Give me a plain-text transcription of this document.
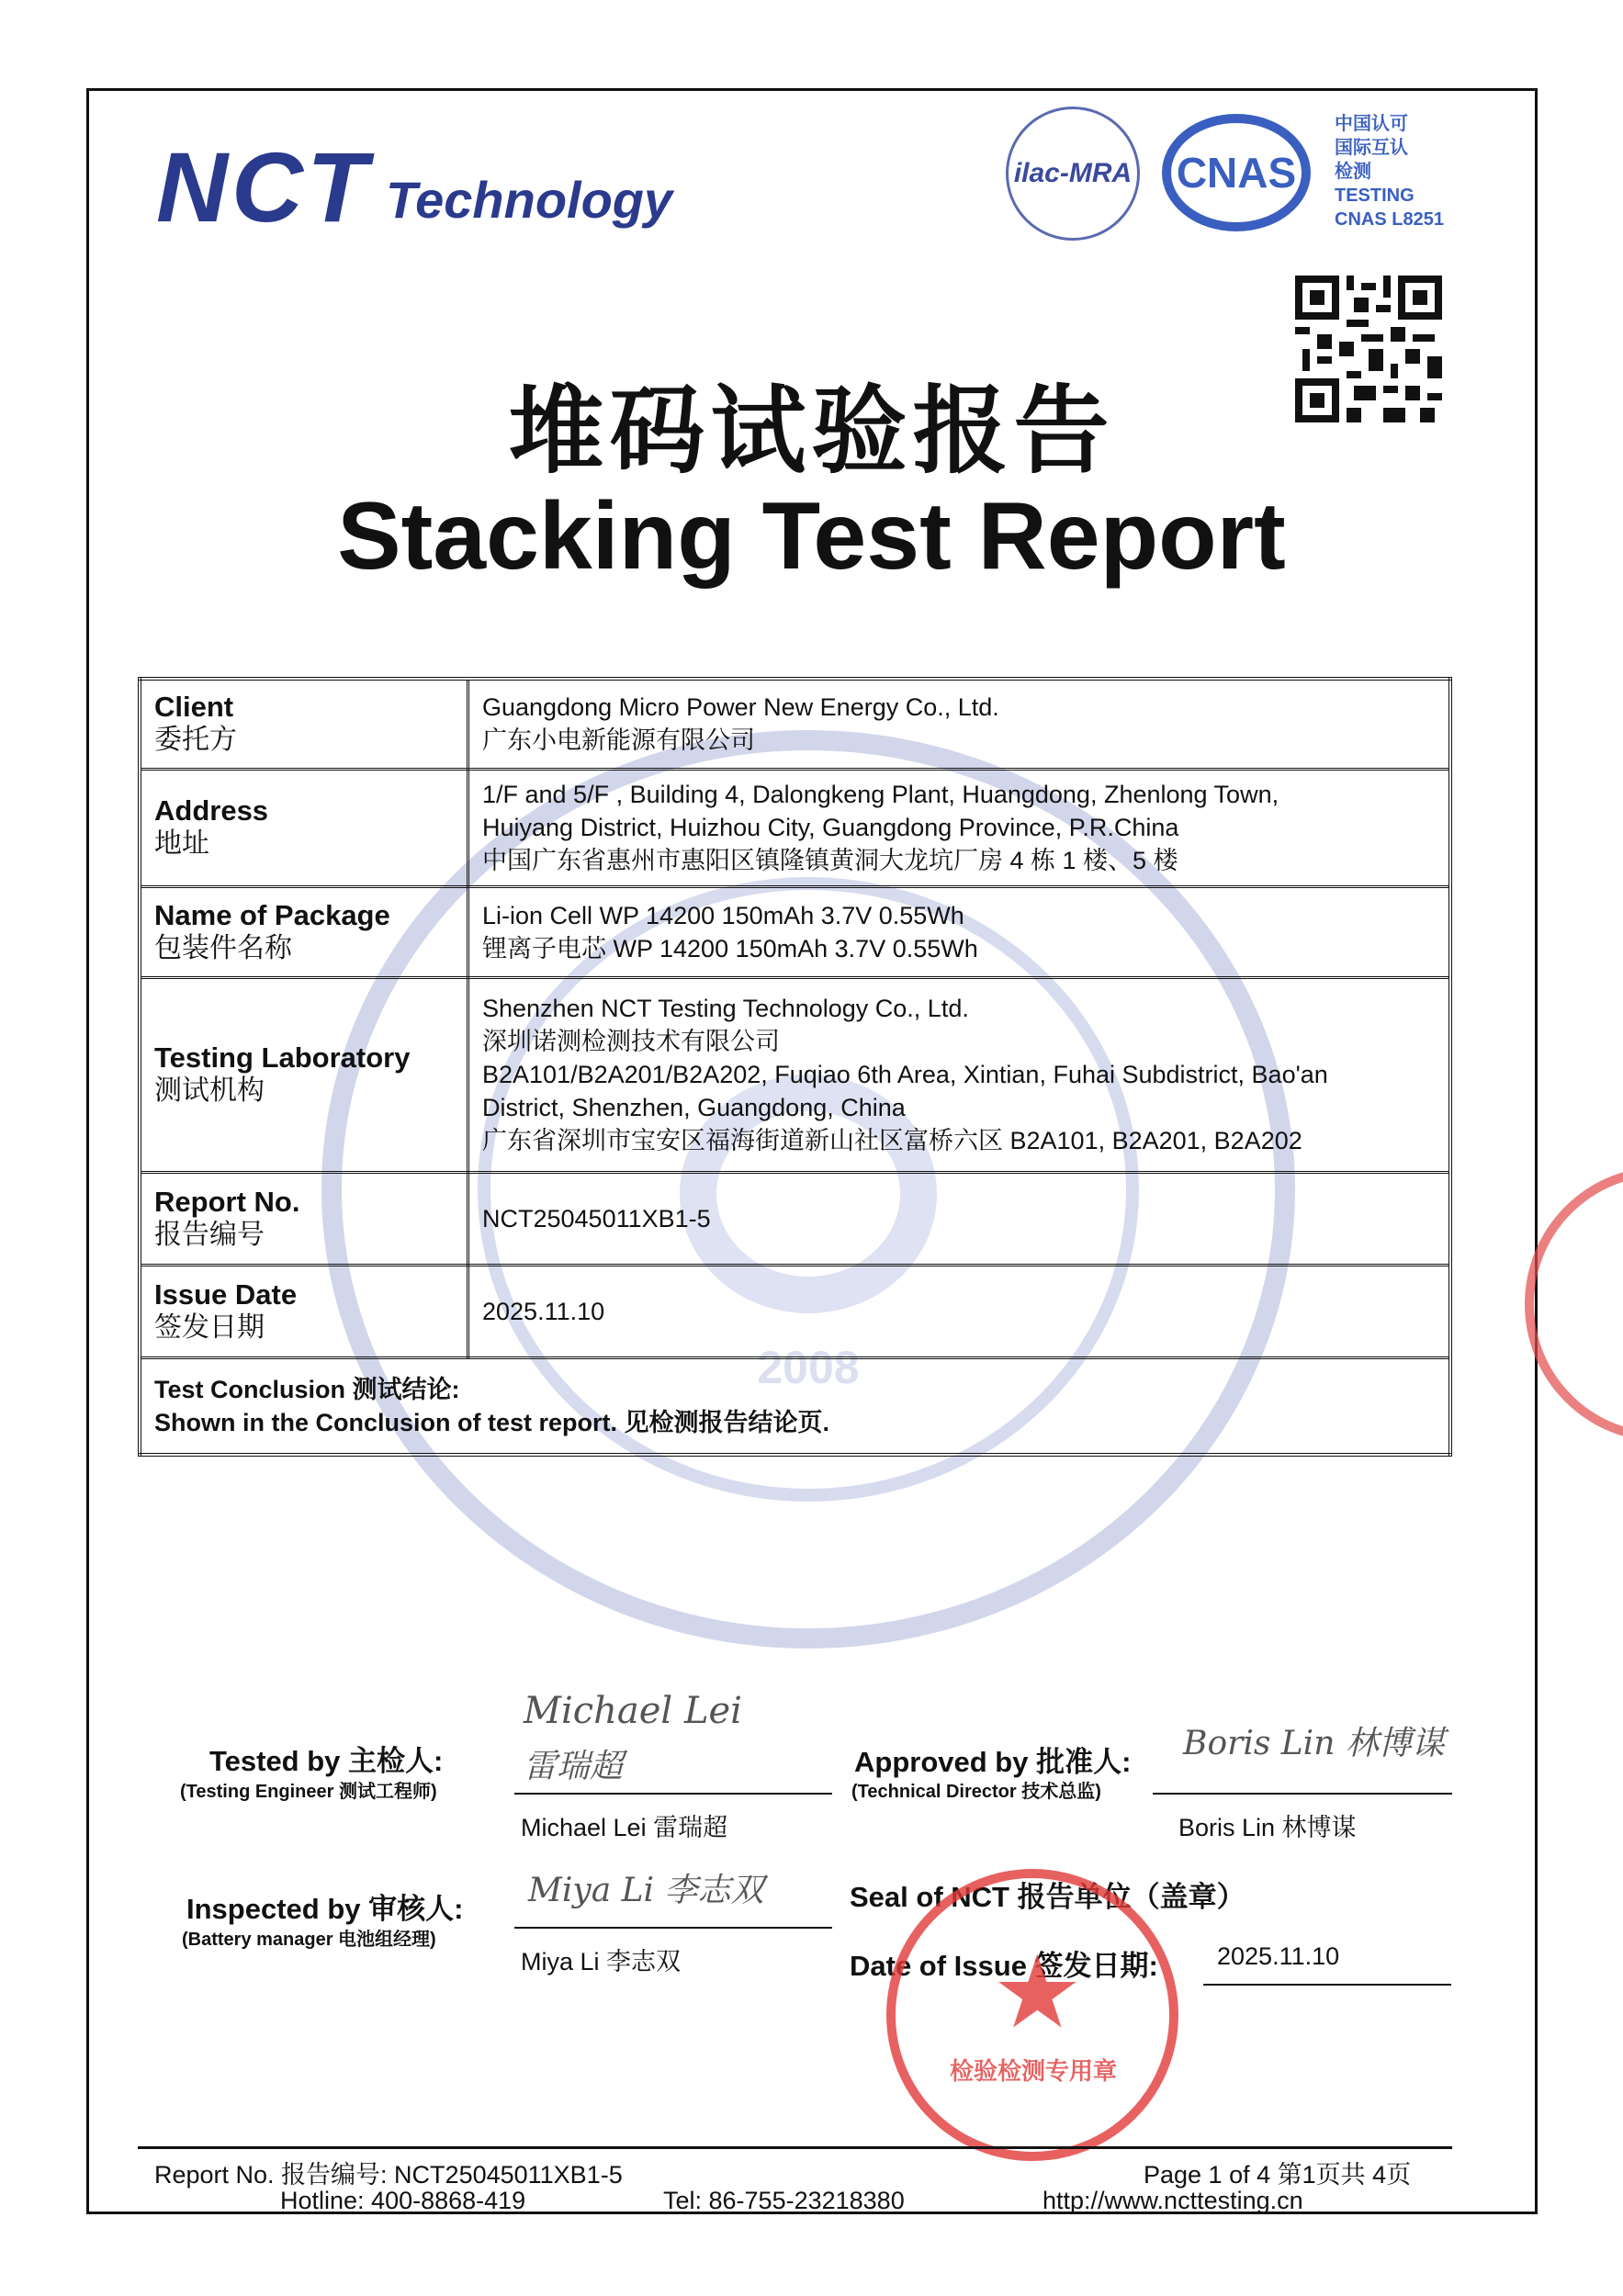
2008
NCT Technology	ilac-MRA	CNAS
中国认可
国际互认
检测
TESTING
CNAS L8251
堆码试验报告
Stacking Test Report
Client
委托方	Guangdong Micro Power New Energy Co., Ltd.
广东小电新能源有限公司

Address
地址	1/F and 5/F , Building 4, Dalongkeng Plant, Huangdong, Zhenlong Town,
Huiyang District, Huizhou City, Guangdong Province, P.R.China
中国广东省惠州市惠阳区镇隆镇黄洞大龙坑厂房 4 栋 1 楼、5 楼

Name of Package
包装件名称	Li-ion Cell WP 14200 150mAh 3.7V 0.55Wh
锂离子电芯 WP 14200 150mAh 3.7V 0.55Wh

Testing Laboratory
测试机构	Shenzhen NCT Testing Technology Co., Ltd.
深圳诺测检测技术有限公司
B2A101/B2A201/B2A202, Fuqiao 6th Area, Xintian, Fuhai Subdistrict, Bao'an
District, Shenzhen, Guangdong, China
广东省深圳市宝安区福海街道新山社区富桥六区 B2A101, B2A201, B2A202

Report No.
报告编号	NCT25045011XB1-5

Issue Date
签发日期	2025.11.10

Test Conclusion 测试结论:
Shown in the Conclusion of test report. 见检测报告结论页.	
Tested by 主检人:
(Testing Engineer 测试工程师)
Michael Lei
雷瑞超
Michael Lei 雷瑞超
Approved by 批准人:
(Technical Director 技术总监)
Boris Lin 林博谋
Boris Lin 林博谋
Inspected by 审核人:
(Battery manager 电池组经理)
Miya Li 李志双
Miya Li 李志双
Seal of NCT 报告单位（盖章）
Date of Issue 签发日期: 2025.11.10
★
检验检测专用章
Report No. 报告编号: NCT25045011XB1-5	Page 1 of 4 第1页共 4页
Hotline: 400-8868-419	Tel: 86-755-23218380	http://www.ncttesting.cn
